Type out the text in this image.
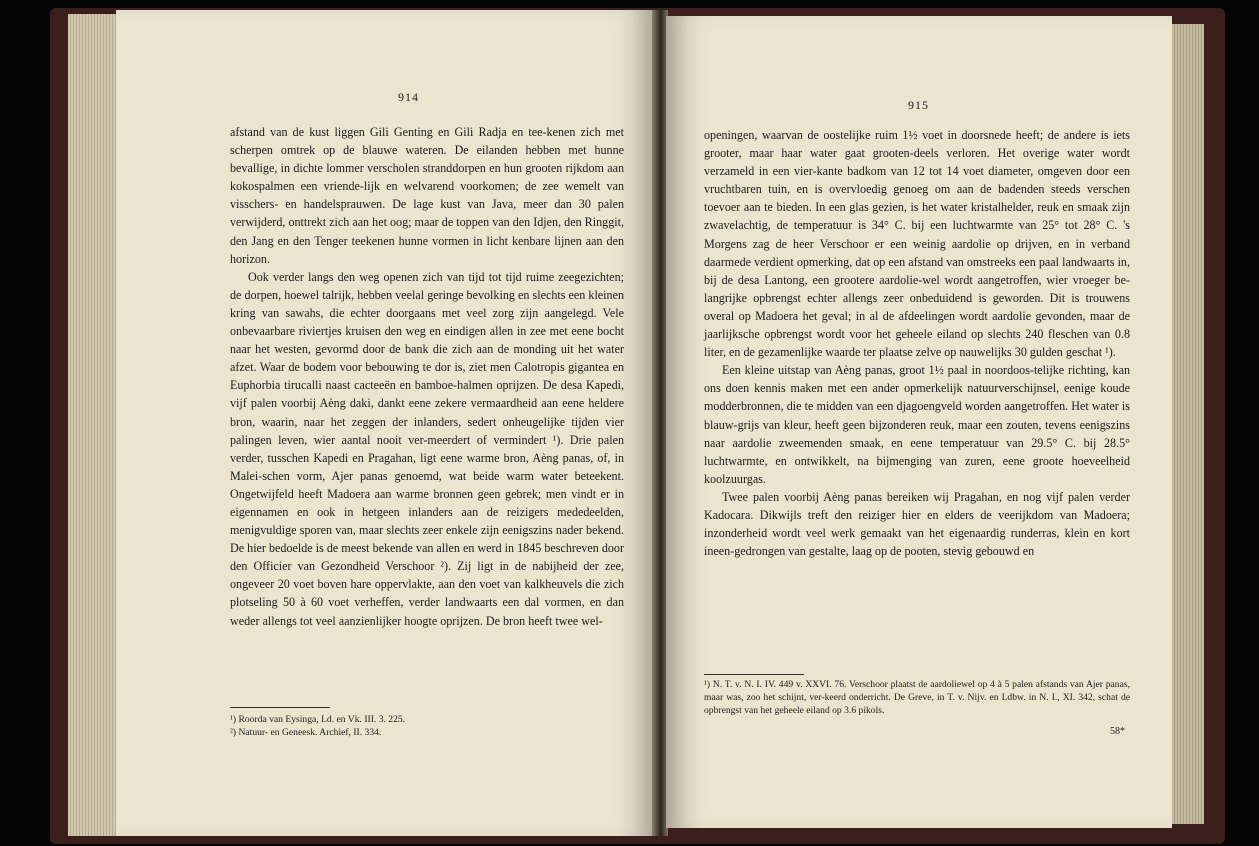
914

afstand van de kust liggen Gili Genting en Gili Radja en tee-kenen zich met scherpen omtrek op de blauwe wateren. De eilanden hebben met hunne bevallige, in dichte lommer verscholen stranddorpen en hun grooten rijkdom aan kokospalmen een vriende-lijk en welvarend voorkomen; de zee wemelt van visschers- en handelsprauwen. De lage kust van Java, meer dan 30 palen verwijderd, onttrekt zich aan het oog; maar de toppen van den Idjen, den Ringgit, den Jang en den Tenger teekenen hunne vormen in licht kenbare lijnen aan den horizon.

Ook verder langs den weg openen zich van tijd tot tijd ruime zeegezichten; de dorpen, hoewel talrijk, hebben veelal geringe bevolking en slechts een kleinen kring van sawahs, die echter doorgaans met veel zorg zijn aangelegd. Vele onbevaarbare riviertjes kruisen den weg en eindigen allen in zee met eene bocht naar het westen, gevormd door de bank die zich aan de monding uit het water afzet. Waar de bodem voor bebouwing te dor is, ziet men Calotropis gigantea en Euphorbia tirucalli naast cacteeën en bamboe-halmen oprijzen. De desa Kapedi, vijf palen voorbij Aèng daki, dankt eene zekere vermaardheid aan eene heldere bron, waarin, naar het zeggen der inlanders, sedert onheugelijke tijden vier palingen leven, wier aantal nooit ver-meerdert of vermindert ¹). Drie palen verder, tusschen Kapedi en Pragahan, ligt eene warme bron, Aèng panas, of, in Malei-schen vorm, Ajer panas genoemd, wat beide warm water beteekent. Ongetwijfeld heeft Madoera aan warme bronnen geen gebrek; men vindt er in eigennamen en ook in hetgeen inlanders aan de reizigers mededeelden, menigvuldige sporen van, maar slechts zeer enkele zijn eenigszins nader bekend. De hier bedoelde is de meest bekende van allen en werd in 1845 beschreven door den Officier van Gezondheid Verschoor ²). Zij ligt in de nabijheid der zee, ongeveer 20 voet boven hare oppervlakte, aan den voet van kalkheuvels die zich plotseling 50 à 60 voet verheffen, verder landwaarts een dal vormen, en dan weder allengs tot veel aanzienlijker hoogte oprijzen. De bron heeft twee wel-

¹) Roorda van Eysinga, Ld. en Vk. III. 3. 225.

²) Natuur- en Geneesk. Archief, II. 334.

915

openingen, waarvan de oostelijke ruim 1½ voet in doorsnede heeft; de andere is iets grooter, maar haar water gaat grooten-deels verloren. Het overige water wordt verzameld in een vier-kante badkom van 12 tot 14 voet diameter, omgeven door een vruchtbaren tuin, en is overvloedig genoeg om aan de badenden steeds verschen toevoer aan te bieden. In een glas gezien, is het water kristalhelder, reuk en smaak zijn zwavelachtig, de temperatuur is 34° C. bij een luchtwarmte van 25° tot 28° C. 's Morgens zag de heer Verschoor er een weinig aardolie op drijven, en in verband daarmede verdient opmerking, dat op een afstand van omstreeks een paal landwaarts in, bij de desa Lantong, een grootere aardolie-wel wordt aangetroffen, wier vroeger be-langrijke opbrengst echter allengs zeer onbeduidend is geworden. Dit is trouwens overal op Madoera het geval; in al de afdeelingen wordt aardolie gevonden, maar de jaarlijksche opbrengst wordt voor het geheele eiland op slechts 240 fleschen van 0.8 liter, en de gezamenlijke waarde ter plaatse zelve op nauwelijks 30 gulden geschat ¹).

Een kleine uitstap van Aèng panas, groot 1½ paal in noordoos-telijke richting, kan ons doen kennis maken met een ander opmerkelijk natuurverschijnsel, eenige koude modderbronnen, die te midden van een djagoengveld worden aangetroffen. Het water is blauw-grijs van kleur, heeft geen bijzonderen reuk, maar een zouten, tevens eenigszins naar aardolie zweemenden smaak, en eene temperatuur van 29.5° C. bij 28.5° luchtwarmte, en ontwikkelt, na bijmenging van zuren, eene groote hoeveelheid koolzuurgas.

Twee palen voorbij Aèng panas bereiken wij Pragahan, en nog vijf palen verder Kadocara. Dikwijls treft den reiziger hier en elders de veerijkdom van Madoera; inzonderheid wordt veel werk gemaakt van het eigenaardig runderras, klein en kort ineen-gedrongen van gestalte, laag op de pooten, stevig gebouwd en

¹) N. T. v. N. I. IV. 449 v. XXVI. 76. Verschoor plaatst de aardoliewel op 4 à 5 palen afstands van Ajer panas, maar was, zoo het schijnt, ver-keerd onderricht. De Greve, in T. v. Nijv. en Ldbw. in N. I., XI. 342, schat de opbrengst van het geheele eiland op 3.6 pikols.

58*
